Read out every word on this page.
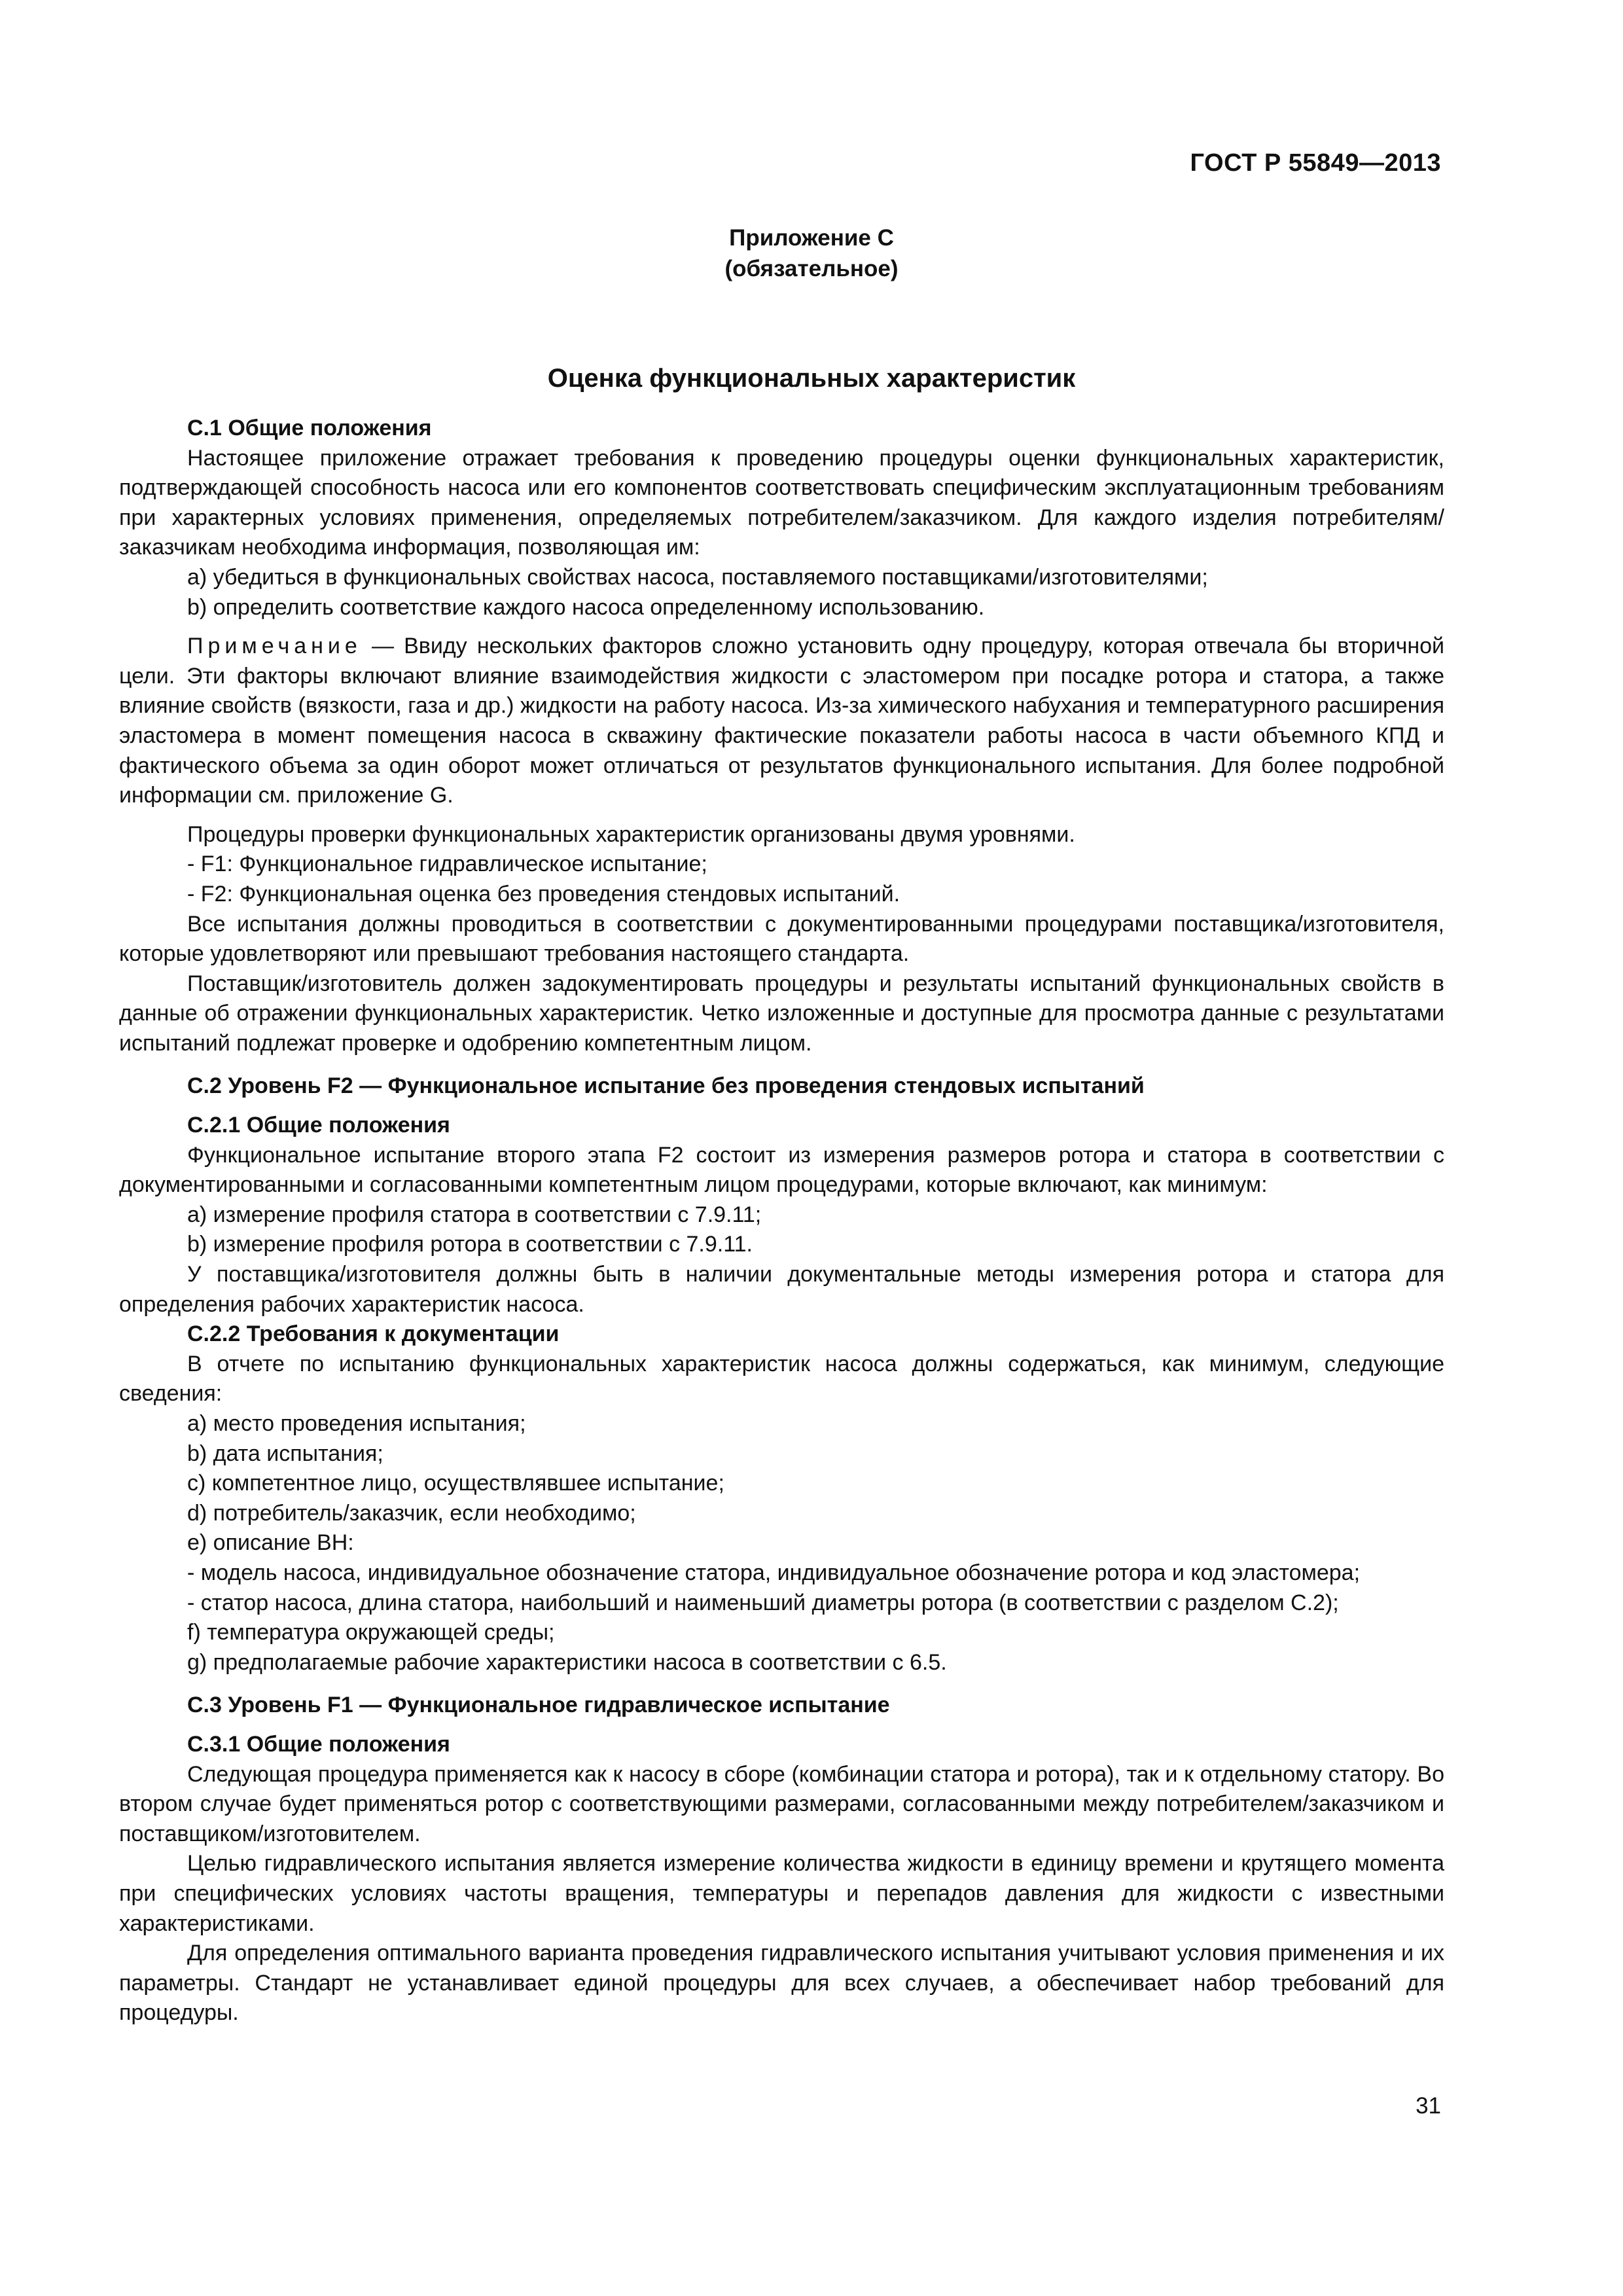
ГОСТ Р 55849—2013
Приложение С
(обязательное)
Оценка функциональных характеристик

С.1 Общие положения

Настоящее приложение отражает требования к проведению процедуры оценки функциональных характеристик, подтверждающей способность насоса или его компонентов соответствовать специфическим эксплуатационным требованиям при характерных условиях применения, определяемых потребителем/заказчиком. Для каждого изделия потребителям/заказчикам необходима информация, позволяющая им:

a) убедиться в функциональных свойствах насоса, поставляемого поставщиками/изготовителями;

b) определить соответствие каждого насоса определенному использованию.

Примечание — Ввиду нескольких факторов сложно установить одну процедуру, которая отвечала бы вторичной цели. Эти факторы включают влияние взаимодействия жидкости с эластомером при посадке ротора и статора, а также влияние свойств (вязкости, газа и др.) жидкости на работу насоса. Из-за химического набухания и температурного расширения эластомера в момент помещения насоса в скважину фактические показатели работы насоса в части объемного КПД и фактического объема за один оборот может отличаться от результатов функционального испытания. Для более подробной информации см. приложение G.

Процедуры проверки функциональных характеристик организованы двумя уровнями.

- F1: Функциональное гидравлическое испытание;

- F2: Функциональная оценка без проведения стендовых испытаний.

Все испытания должны проводиться в соответствии с документированными процедурами поставщика/изготовителя, которые удовлетворяют или превышают требования настоящего стандарта.

Поставщик/изготовитель должен задокументировать процедуры и результаты испытаний функциональных свойств в данные об отражении функциональных характеристик. Четко изложенные и доступные для просмотра данные с результатами испытаний подлежат проверке и одобрению компетентным лицом.

С.2 Уровень F2 — Функциональное испытание без проведения стендовых испытаний

С.2.1 Общие положения

Функциональное испытание второго этапа F2 состоит из измерения размеров ротора и статора в соответствии с документированными и согласованными компетентным лицом процедурами, которые включают, как минимум:

а) измерение профиля статора в соответствии с 7.9.11;

b) измерение профиля ротора в соответствии с 7.9.11.

У поставщика/изготовителя должны быть в наличии документальные методы измерения ротора и статора для определения рабочих характеристик насоса.

С.2.2 Требования к документации

В отчете по испытанию функциональных характеристик насоса должны содержаться, как минимум, следующие сведения:

а) место проведения испытания;

b) дата испытания;

c) компетентное лицо, осуществлявшее испытание;

d) потребитель/заказчик, если необходимо;

е) описание ВН:

- модель насоса, индивидуальное обозначение статора, индивидуальное обозначение ротора и код эластомера;

- статор насоса, длина статора, наибольший и наименьший диаметры ротора (в соответствии с разделом С.2);

f) температура окружающей среды;

g) предполагаемые рабочие характеристики насоса в соответствии с 6.5.

С.3 Уровень F1 — Функциональное гидравлическое испытание

С.3.1 Общие положения

Следующая процедура применяется как к насосу в сборе (комбинации статора и ротора), так и к отдельному статору. Во втором случае будет применяться ротор с соответствующими размерами, согласованными между потребителем/заказчиком и поставщиком/изготовителем.

Целью гидравлического испытания является измерение количества жидкости в единицу времени и крутящего момента при специфических условиях частоты вращения, температуры и перепадов давления для жидкости с известными характеристиками.

Для определения оптимального варианта проведения гидравлического испытания учитывают условия применения и их параметры. Стандарт не устанавливает единой процедуры для всех случаев, а обеспечивает набор требований для процедуры.

31
